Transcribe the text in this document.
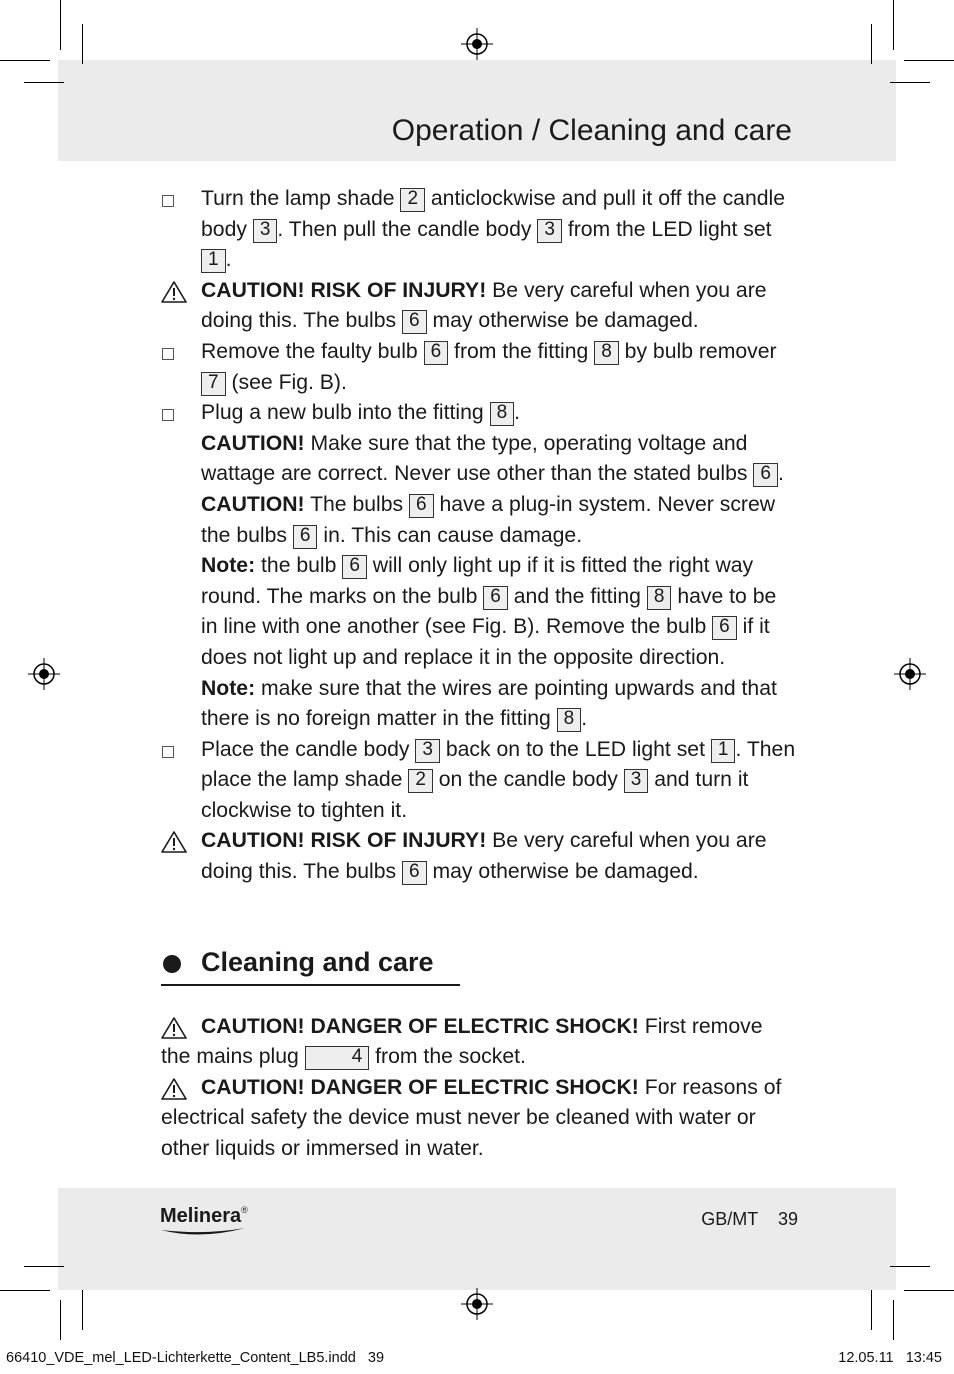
Operation / Cleaning and care
Turn the lamp shade 2 anticlockwise and pull it off the candle body 3 . Then pull the candle body 3 from the LED light set 1 .
CAUTION! RISK OF INJURY! Be very careful when you are doing this. The bulbs 6 may otherwise be damaged.
Remove the faulty bulb 6 from the fitting 8 by bulb remover 7 (see Fig. B).
Plug a new bulb into the fitting 8 .
CAUTION! Make sure that the type, operating voltage and wattage are correct. Never use other than the stated bulbs 6 .
CAUTION! The bulbs 6 have a plug-in system. Never screw the bulbs 6 in. This can cause damage.
Note: the bulb 6 will only light up if it is fitted the right way round. The marks on the bulb 6 and the fitting 8 have to be in line with one another (see Fig. B). Remove the bulb 6 if it does not light up and replace it in the opposite direction.
Note: make sure that the wires are pointing upwards and that there is no foreign matter in the fitting 8 .
Place the candle body 3 back on to the LED light set 1 . Then place the lamp shade 2 on the candle body 3 and turn it clockwise to tighten it.
CAUTION! RISK OF INJURY! Be very careful when you are doing this. The bulbs 6 may otherwise be damaged.
Cleaning and care
CAUTION! DANGER OF ELECTRIC SHOCK! First remove the mains plug 4 from the socket.
CAUTION! DANGER OF ELECTRIC SHOCK! For reasons of electrical safety the device must never be cleaned with water or other liquids or immersed in water.
Melinera®	GB/MT    39
66410_VDE_mel_LED-Lichterkette_Content_LB5.indd   39	12.05.11   13:45
